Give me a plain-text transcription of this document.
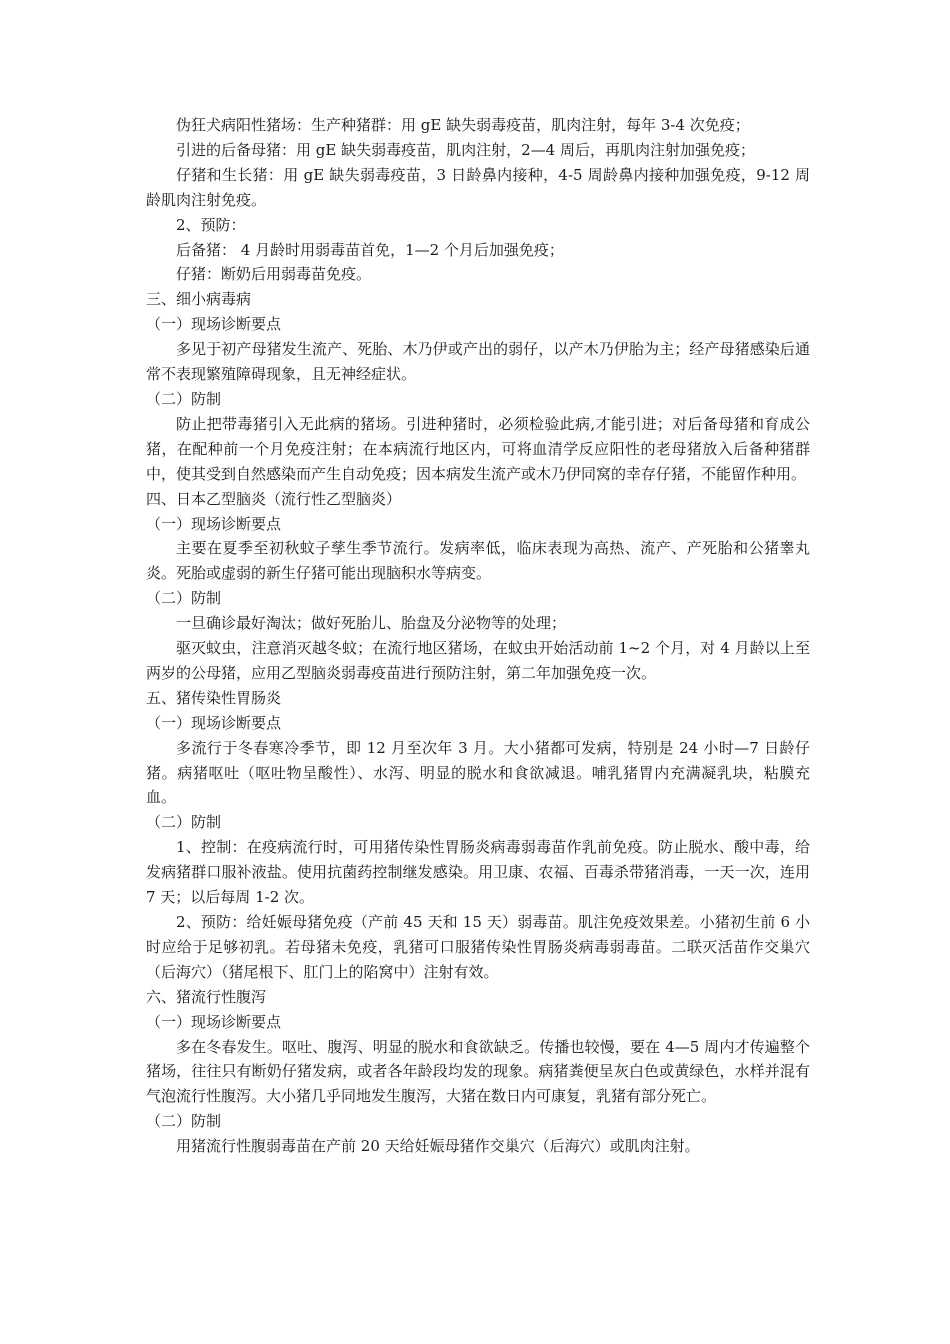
伪狂犬病阳性猪场：生产种猪群：用 gE 缺失弱毒疫苗，肌肉注射，每年 3-4 次免疫；

引进的后备母猪：用 gE 缺失弱毒疫苗，肌肉注射，2—4 周后，再肌肉注射加强免疫；

仔猪和生长猪：用 gE 缺失弱毒疫苗，3 日龄鼻内接种，4-5 周龄鼻内接种加强免疫，9-12 周龄肌肉注射免疫。

2、预防：

后备猪： 4 月龄时用弱毒苗首免，1—2 个月后加强免疫；

仔猪：断奶后用弱毒苗免疫。

三、细小病毒病

（一）现场诊断要点

多见于初产母猪发生流产、死胎、木乃伊或产出的弱仔，以产木乃伊胎为主；经产母猪感染后通常不表现繁殖障碍现象，且无神经症状。

（二）防制

防止把带毒猪引入无此病的猪场。引进种猪时，必须检验此病,才能引进；对后备母猪和育成公猪，在配种前一个月免疫注射；在本病流行地区内，可将血清学反应阳性的老母猪放入后备种猪群中，使其受到自然感染而产生自动免疫；因本病发生流产或木乃伊同窝的幸存仔猪，不能留作种用。

四、日本乙型脑炎（流行性乙型脑炎）

（一）现场诊断要点

主要在夏季至初秋蚊子孳生季节流行。发病率低，临床表现为高热、流产、产死胎和公猪睾丸炎。死胎或虚弱的新生仔猪可能出现脑积水等病变。

（二）防制

一旦确诊最好淘汰；做好死胎儿、胎盘及分泌物等的处理；

驱灭蚊虫，注意消灭越冬蚊；在流行地区猪场，在蚊虫开始活动前 1~2 个月，对 4 月龄以上至两岁的公母猪，应用乙型脑炎弱毒疫苗进行预防注射，第二年加强免疫一次。

五、猪传染性胃肠炎

（一）现场诊断要点

多流行于冬春寒冷季节，即 12 月至次年 3 月。大小猪都可发病，特别是 24 小时—7 日龄仔猪。病猪呕吐（呕吐物呈酸性）、水泻、明显的脱水和食欲减退。哺乳猪胃内充满凝乳块，粘膜充血。

（二）防制

1、控制：在疫病流行时，可用猪传染性胃肠炎病毒弱毒苗作乳前免疫。防止脱水、酸中毒，给发病猪群口服补液盐。使用抗菌药控制继发感染。用卫康、农福、百毒杀带猪消毒，一天一次，连用 7 天；以后每周 1-2 次。

2、预防：给妊娠母猪免疫（产前 45 天和 15 天）弱毒苗。肌注免疫效果差。小猪初生前 6 小时应给于足够初乳。若母猪未免疫，乳猪可口服猪传染性胃肠炎病毒弱毒苗。二联灭活苗作交巢穴（后海穴）（猪尾根下、肛门上的陷窝中）注射有效。

六、猪流行性腹泻

（一）现场诊断要点

多在冬春发生。呕吐、腹泻、明显的脱水和食欲缺乏。传播也较慢，要在 4—5 周内才传遍整个猪场，往往只有断奶仔猪发病，或者各年龄段均发的现象。病猪粪便呈灰白色或黄绿色，水样并混有气泡流行性腹泻。大小猪几乎同地发生腹泻，大猪在数日内可康复，乳猪有部分死亡。

（二）防制

用猪流行性腹弱毒苗在产前 20 天给妊娠母猪作交巢穴（后海穴）或肌肉注射。
